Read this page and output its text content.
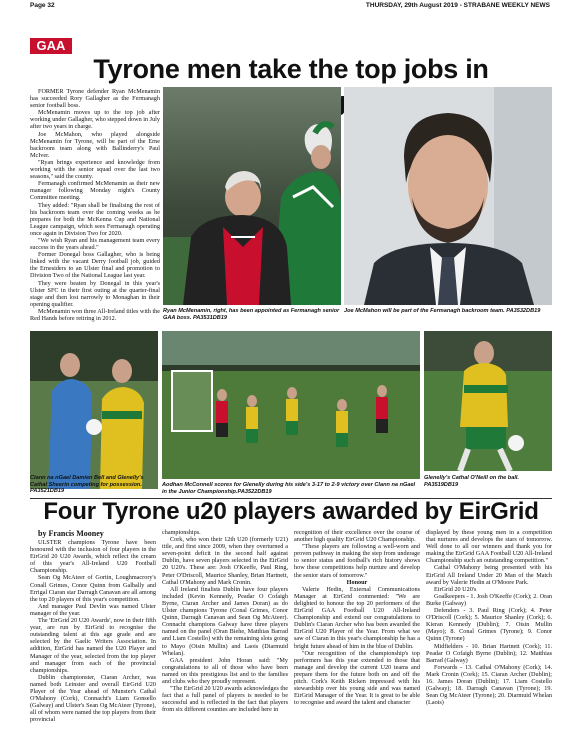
Page 32	THURSDAY, 29th August 2019 - STRABANE WEEKLY NEWS
GAA
Tyrone men take the top jobs in

FORMER Tyrone defender Ryan McMenamin has succeeded Rory Gallagher as the Fermanagh senior football boss.

McMenamin moves up to the top job after working under Gallagher, who stepped down in July after two years in charge.

Joe McMahon, who played alongside McMenamin for Tyrone, will be part of the Erne backroom team along with Ballinderry's Paul McIver.

"Ryan brings experience and knowledge from working with the senior squad over the last two seasons," said the county.

Fermanagh confirmed McMenamin as their new manager following Monday night's County Committee meeting.

They added: "Ryan shall be finalising the rest of his backroom team over the coming weeks as he prepares for both the McKenna Cup and National League campaign, which sees Fermanagh operating once again in Division Two for 2020.

"We wish Ryan and his management team every success in the years ahead."

Former Donegal boss Gallagher, who is being linked with the vacant Derry football job, guided the Ernesiders to an Ulster final and promotion to Division Two of the National League last year.

They were beaten by Donegal in this year's Ulster SFC in their first outing at the quarter-final stage and then lost narrowly to Monaghan in their opening qualifier.

McMenamin won three All-Ireland titles with the Red Hands before retiring in 2012.

Ryan McMenamin, right, has been appointed as Fermanagh senior GAA boss. PA3531DB19
Joe McMahon will be part of the Fermanagh backroom team. PA3532DB19
Clann na nGael Damien Bell and Glenelly's Cathal Sheerin competing for possession. PA3521DB19
Aodhan McConnell scores for Glenelly during his side's 3-17 to 2-9 victory over Clann na nGael in the Junior Championship.PA3522DB19
Glenelly's Cathal O'Neill on the ball. PA3519DB19
Four Tyrone u20 players awarded by EirGrid

by Francis Mooney

ULSTER champions Tyrone have been honoured with the inclusion of four players in the EirGrid 20 U20 Awards, which reflect the cream of this year's All-Ireland U20 Football Championship.

Sean Og McAteer of Gortin, Loughmacrory's Conall Grimes, Conor Quinn from Galbally and Errigal Ciaran star Darragh Canavan are all among the top 20 players of this year's competition.

And manager Paul Devlin was named Ulster manager of the year.

The 'EirGrid 20 U20 Awards', now in their fifth year, are run by EirGrid to recognise the outstanding talent at this age grade and are selected by the Gaelic Writers Association. In addition, EirGrid has named the U20 Player and Manager of the year, selected from the top player and manager from each of the provincial championships.

Dublin championster, Ciaran Archer, was named both Leinster and overall EirGrid U20 Player of the Year ahead of Munster's Cathal O'Mahony (Cork), Connacht's Liam Gonsello (Galway) and Ulster's Sean Og McAteer (Tyrone), all of whom were named the top players from their provincial

championships.

Cork, who won their 12th U20 (formerly U21) title, and first since 2009, when they overturned a seven-point deficit in the second half against Dublin, have seven players selected in the EirGrid 20 U20's. These are: Josh O'Keeffe, Paul Ring, Peter O'Driscoll, Maurice Shanley, Brian Hartnett, Cathal O'Mahony and Mark Cronin.

All Ireland finalists Dublin have four players included (Kevin Kennedy, Peadar O Cofaigh Byrne, Ciaran Archer and James Doran) as do Ulster champions Tyrone (Conal Grimes, Conor Quinn, Darragh Canavan and Sean Og McAteer). Connacht champions Galway have three players named on the panel (Oran Biehe, Matthias Barrad and Liam Costello) with the remaining slots going to Mayo (Oisin Mullin) and Laois (Diarmuid Whelan).

GAA president John Horan said: "My congratulations to all of those who have been named on this prestigious list and to the families and clubs who they proudly represent.

"The EirGrid 20 U20 awards acknowledges the fact that a full panel of players is needed to be successful and is reflected in the fact that players from six different counties are included here in

recognition of their excellence over the course of another high quality EirGrid U20 Championship.

"These players are following a well-worn and proven pathway in making the step from underage to senior status and football's rich history shows how these competitions help nurture and develop the senior stars of tomorrow."

Honour

Valerie Hedin, External Communications Manager at EirGrid commented: "We are delighted to honour the top 20 performers of the EirGrid GAA Football U20 All-Ireland Championship and extend our congratulations to Dublin's Ciaran Archer who has been awarded the EirGrid U20 Player of the Year. From what we saw of Ciaran in this year's championship he has a bright future ahead of him in the blue of Dublin.

"Our recognition of the championship's top performers has this year extended to those that manage and develop the current U20 teams and prepare them for the future both on and off the pitch. Cork's Keith Ricken impressed with his stewardship over his young side and was named EirGrid Manager of the Year. It is great to be able to recognise and award the talent and character

displayed by these young men in a competition that nurtures and develops the stars of tomorrow. Well done to all our winners and thank you for making the EirGrid GAA Football U20 All-Ireland Championship such an outstanding competition."

Cathal O'Mahony being presented with his EirGrid All Ireland Under 20 Man of the Match award by Valerie Hedin at O'Moore Park.

EirGrid 20 U20's

Goalkeepers - 1. Josh O'Keeffe (Cork); 2. Oran Burke (Galway)

Defenders - 3. Paul Ring (Cork); 4. Peter O'Driscoll (Cork); 5. Maurice Shanley (Cork); 6. Kieran Kennedy (Dublin); 7. Oisin Mullin (Mayo); 8. Conal Grimes (Tyrone); 9. Conor Quinn (Tyrone)

Midfielders - 10. Brian Hartnett (Cork); 11. Peadar O Cofaigh Byrne (Dublin); 12. Matthias Barrad (Galway)

Forwards - 13. Cathal O'Mahony (Cork); 14. Mark Cronin (Cork); 15. Ciaran Archer (Dublin); 16. James Doran (Dublin); 17. Liam Costello (Galway); 18. Darragh Canavan (Tyrone); 19. Sean Og McAteer (Tyrone); 20. Diarmuid Whelan (Laois)
